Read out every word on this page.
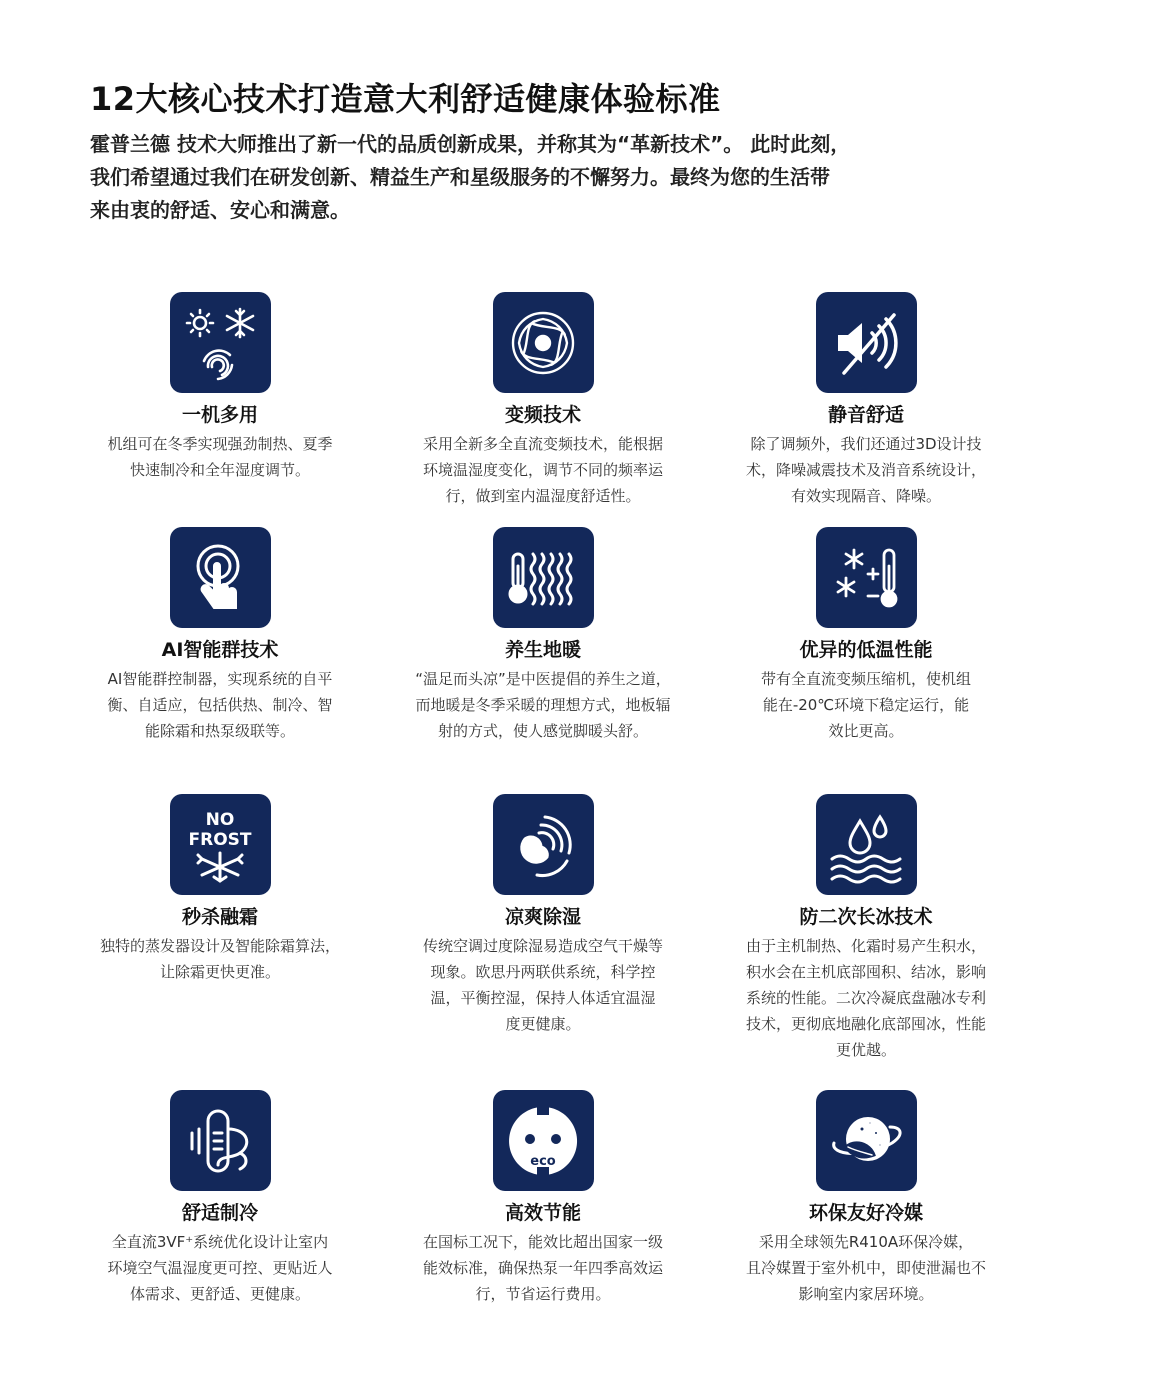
12大核心技术打造意大利舒适健康体验标准
霍普兰德 技术大师推出了新一代的品质创新成果，并称其为“革新技术”。 此时此刻，
我们希望通过我们在研发创新、精益生产和星级服务的不懈努力。最终为您的生活带
来由衷的舒适、安心和满意。
一机多用
机组可在冬季实现强劲制热、夏季
快速制冷和全年湿度调节。
变频技术
采用全新多全直流变频技术，能根据
环境温湿度变化，调节不同的频率运
行，做到室内温湿度舒适性。
静音舒适
除了调频外，我们还通过3D设计技
术，降噪减震技术及消音系统设计，
有效实现隔音、降噪。
AI智能群技术
AI智能群控制器，实现系统的自平
衡、自适应，包括供热、制冷、智
能除霜和热泵级联等。
养生地暖
“温足而头凉”是中医提倡的养生之道，
而地暖是冬季采暖的理想方式，地板辐
射的方式，使人感觉脚暖头舒。
优异的低温性能
带有全直流变频压缩机，使机组
能在-20℃环境下稳定运行，能
效比更高。
NO
FROST
秒杀融霜
独特的蒸发器设计及智能除霜算法，
让除霜更快更准。
凉爽除湿
传统空调过度除湿易造成空气干燥等
现象。欧思丹两联供系统，科学控
温，平衡控湿，保持人体适宜温湿
度更健康。
防二次长冰技术
由于主机制热、化霜时易产生积水，
积水会在主机底部囤积、结冰，影响
系统的性能。二次冷凝底盘融冰专利
技术，更彻底地融化底部囤冰，性能
更优越。
舒适制冷
全直流3VF⁺系统优化设计让室内
环境空气温湿度更可控、更贴近人
体需求、更舒适、更健康。
eco
高效节能
在国标工况下，能效比超出国家一级
能效标准，确保热泵一年四季高效运
行，节省运行费用。
环保友好冷媒
采用全球领先R410A环保冷媒，
且冷媒置于室外机中，即使泄漏也不
影响室内家居环境。
